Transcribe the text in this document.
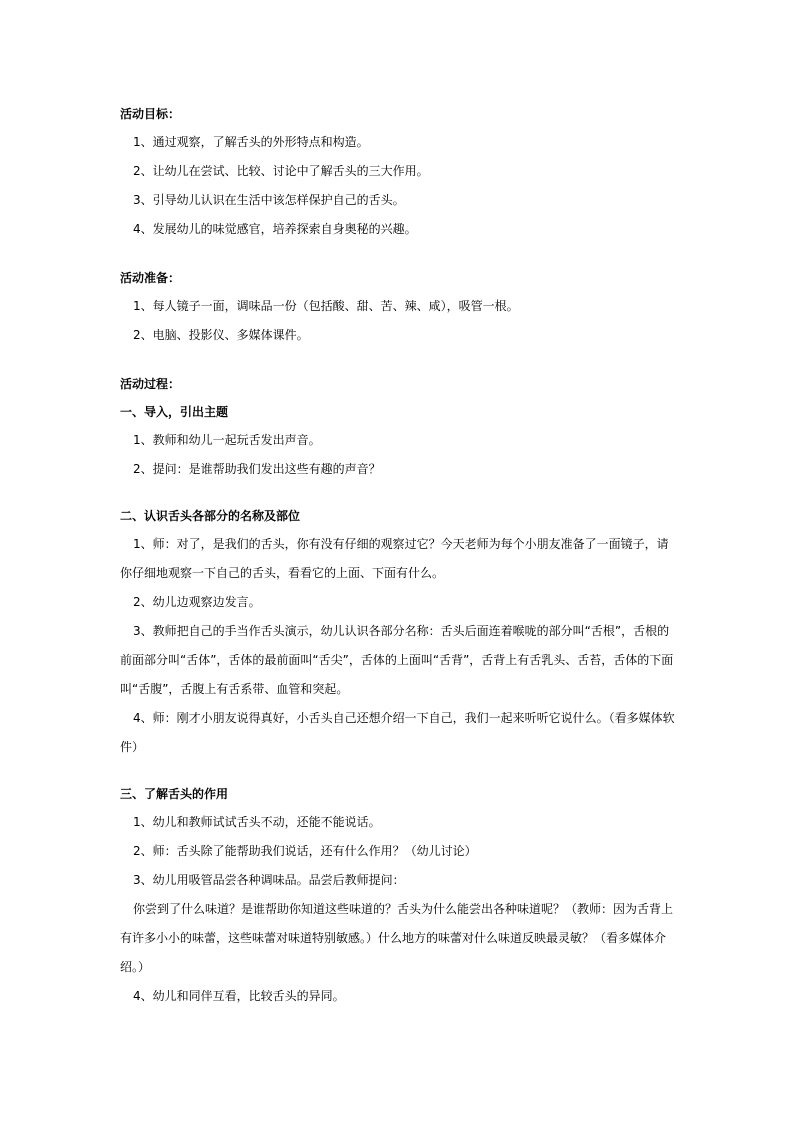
活动目标：

1、通过观察，了解舌头的外形特点和构造。

2、让幼儿在尝试、比较、讨论中了解舌头的三大作用。

3、引导幼儿认识在生活中该怎样保护自己的舌头。

4、发展幼儿的味觉感官，培养探索自身奥秘的兴趣。

活动准备：

1、每人镜子一面，调味品一份（包括酸、甜、苦、辣、咸），吸管一根。

2、电脑、投影仪、多媒体课件。

活动过程：

一、导入，引出主题

1、教师和幼儿一起玩舌发出声音。

2、提问：是谁帮助我们发出这些有趣的声音？

二、认识舌头各部分的名称及部位

1、师：对了，是我们的舌头，你有没有仔细的观察过它？今天老师为每个小朋友准备了一面镜子，请你仔细地观察一下自己的舌头，看看它的上面、下面有什么。

2、幼儿边观察边发言。

3、教师把自己的手当作舌头演示，幼儿认识各部分名称：舌头后面连着喉咙的部分叫“舌根”，舌根的前面部分叫“舌体”，舌体的最前面叫“舌尖”，舌体的上面叫“舌背”，舌背上有舌乳头、舌苔，舌体的下面叫“舌腹”，舌腹上有舌系带、血管和突起。

4、师：刚才小朋友说得真好，小舌头自己还想介绍一下自己，我们一起来听听它说什么。（看多媒体软件）

三、了解舌头的作用

1、幼儿和教师试试舌头不动，还能不能说话。

2、师：舌头除了能帮助我们说话，还有什么作用？（幼儿讨论）

3、幼儿用吸管品尝各种调味品。品尝后教师提问：

你尝到了什么味道？是谁帮助你知道这些味道的？舌头为什么能尝出各种味道呢？（教师：因为舌背上有许多小小的味蕾，这些味蕾对味道特别敏感。）什么地方的味蕾对什么味道反映最灵敏？（看多媒体介绍。）

4、幼儿和同伴互看，比较舌头的异同。
